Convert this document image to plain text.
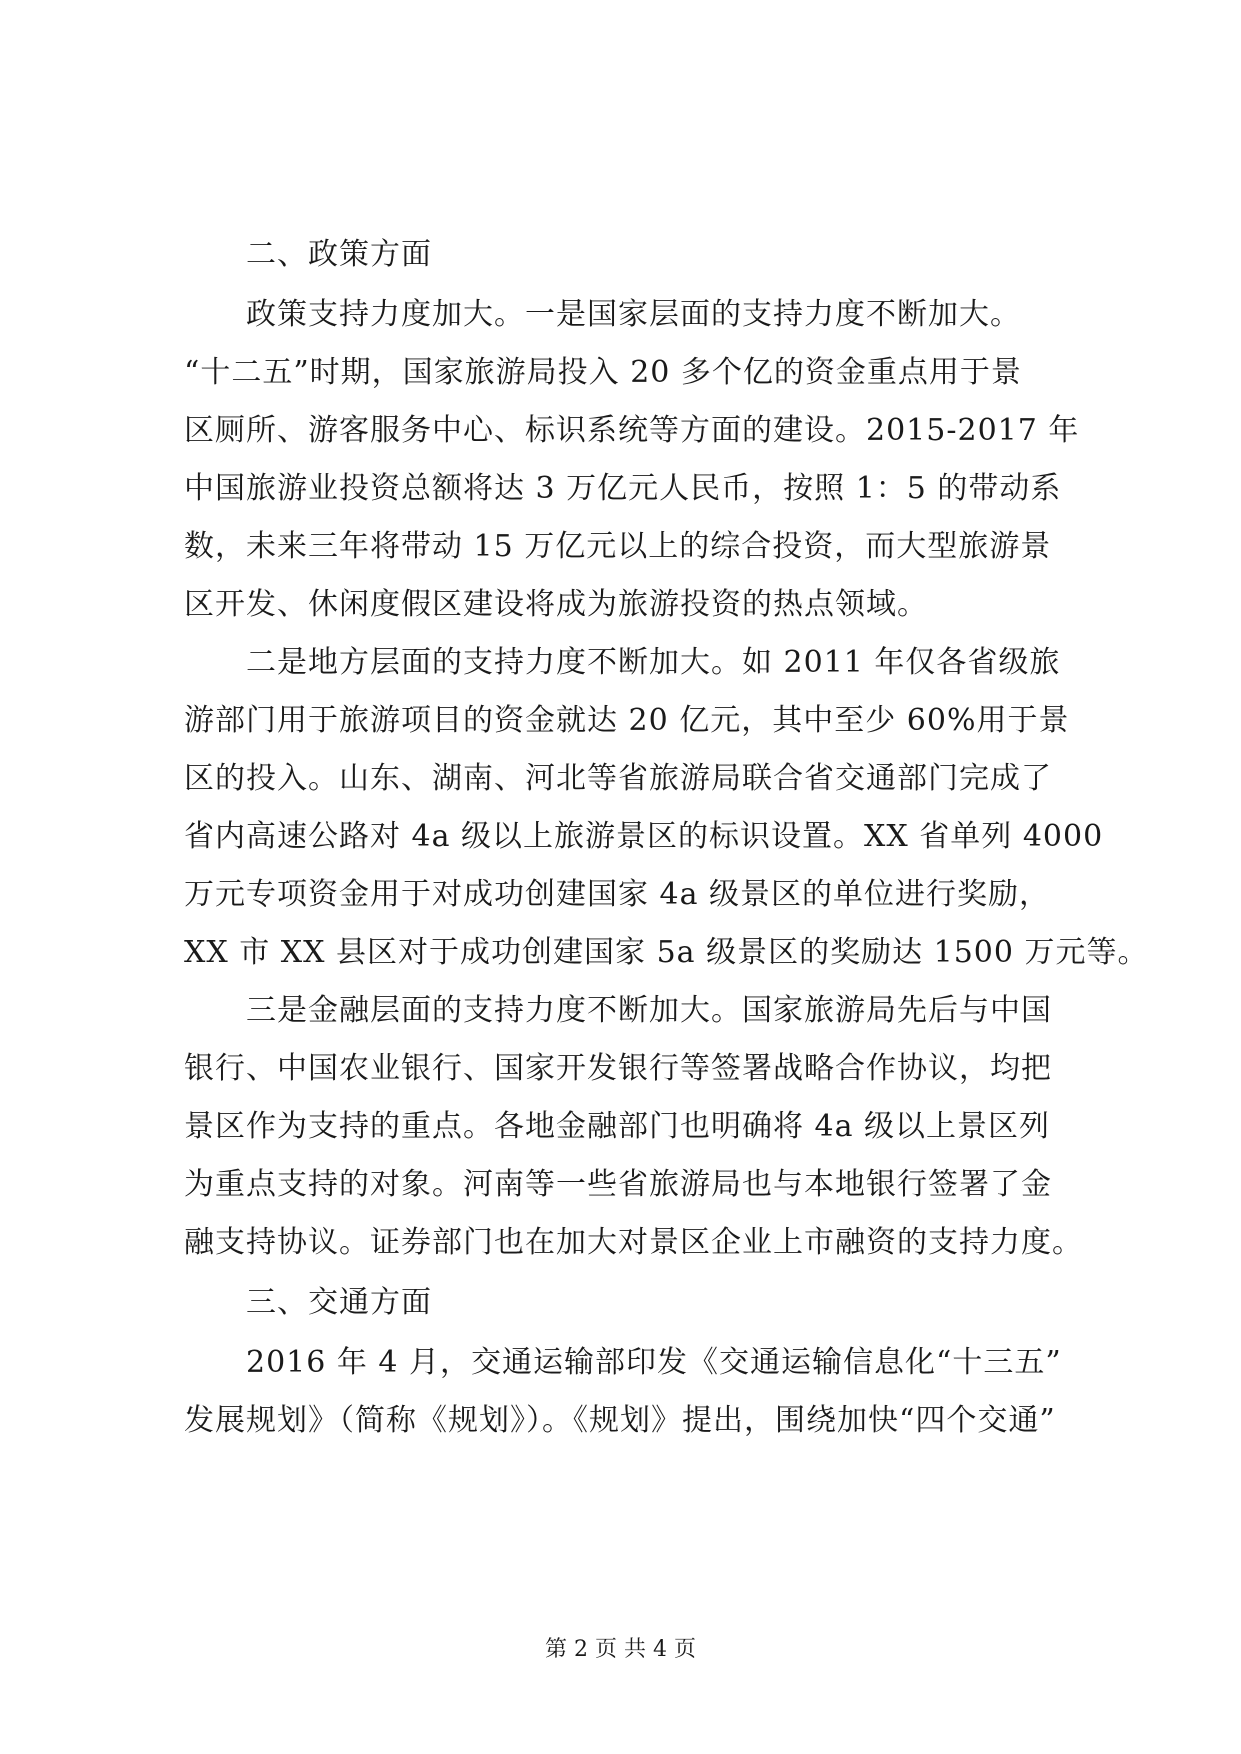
二、政策方面
政策支持力度加大。一是国家层面的支持力度不断加大。
“十二五”时期，国家旅游局投入 20 多个亿的资金重点用于景
区厕所、游客服务中心、标识系统等方面的建设。2015-2017 年
中国旅游业投资总额将达 3 万亿元人民币，按照 1：5 的带动系
数，未来三年将带动 15 万亿元以上的综合投资，而大型旅游景
区开发、休闲度假区建设将成为旅游投资的热点领域。
二是地方层面的支持力度不断加大。如 2011 年仅各省级旅
游部门用于旅游项目的资金就达 20 亿元，其中至少 60%用于景
区的投入。山东、湖南、河北等省旅游局联合省交通部门完成了
省内高速公路对 4a 级以上旅游景区的标识设置。XX 省单列 4000
万元专项资金用于对成功创建国家 4a 级景区的单位进行奖励，
XX 市 XX 县区对于成功创建国家 5a 级景区的奖励达 1500 万元等。
三是金融层面的支持力度不断加大。国家旅游局先后与中国
银行、中国农业银行、国家开发银行等签署战略合作协议，均把
景区作为支持的重点。各地金融部门也明确将 4a 级以上景区列
为重点支持的对象。河南等一些省旅游局也与本地银行签署了金
融支持协议。证券部门也在加大对景区企业上市融资的支持力度。
三、交通方面
2016 年 4 月，交通运输部印发《交通运输信息化“十三五”
发展规划》（简称《规划》）。《规划》提出，围绕加快“四个交通”
第 2 页 共 4 页
